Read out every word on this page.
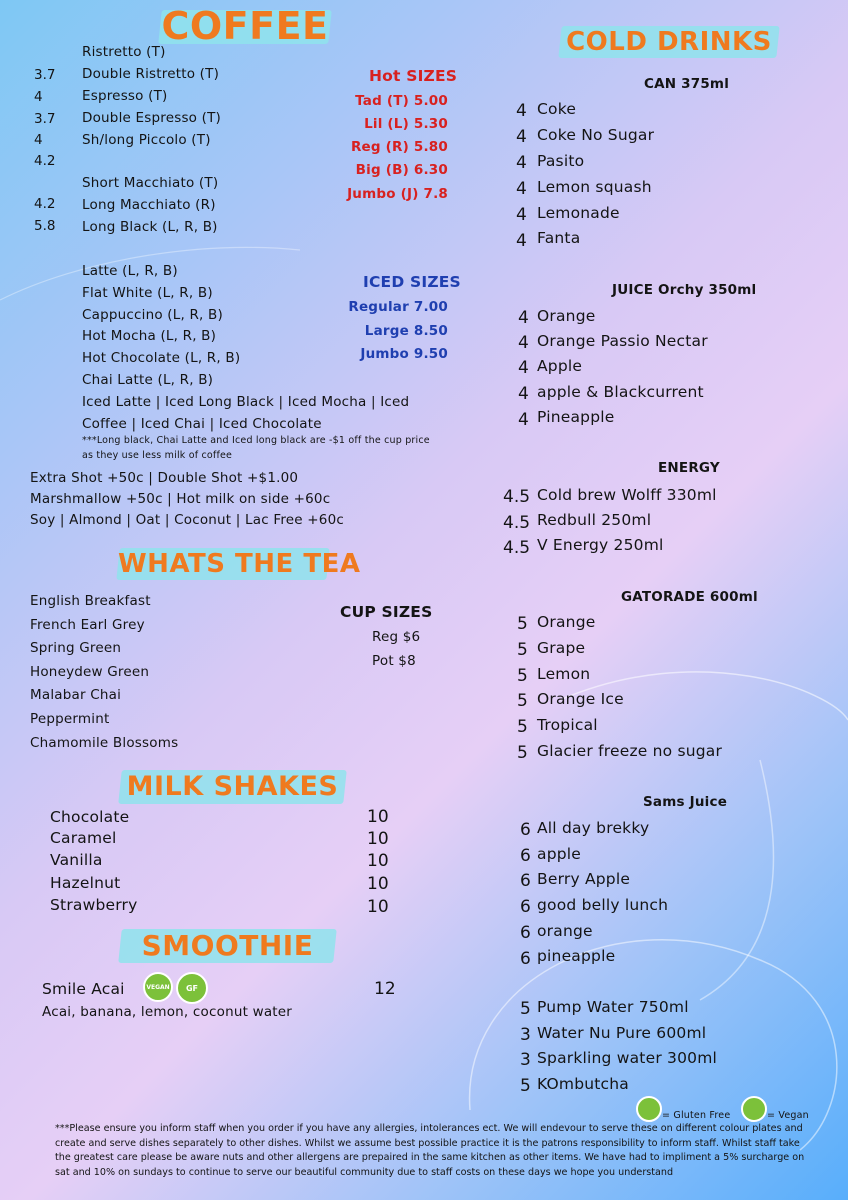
COFFEE
Ristretto (T)
3.7 Double Ristretto (T)
4	Espresso (T)
3.7 Double Espresso (T)
4	Sh/long Piccolo (T)
4.2
Short Macchiato (T)
4.2 Long Macchiato (R)
5.8 Long Black (L, R, B)
Latte (L, R, B)
Flat White (L, R, B)
Cappuccino (L, R, B)
Hot Mocha (L, R, B)
Hot Chocolate (L, R, B)
Chai Latte (L, R, B)
Iced Latte | Iced Long Black | Iced Mocha | Iced
Coffee | Iced Chai | Iced Chocolate
***Long black, Chai Latte and Iced long black are -$1 off the cup price
as they use less milk of coffee
Extra Shot +50c | Double Shot +$1.00
Marshmallow +50c | Hot milk on side +60c
Soy | Almond | Oat | Coconut | Lac Free +60c
Hot SIZES
Tad (T) 5.00
Lil (L) 5.30
Reg (R) 5.80
Big (B) 6.30
Jumbo (J) 7.8
ICED SIZES
Regular 7.00
Large 8.50
Jumbo 9.50
WHATS THE TEA
English Breakfast
French Earl Grey
Spring Green
Honeydew Green
Malabar Chai
Peppermint
Chamomile Blossoms
CUP SIZES
Reg $6
Pot $8
MILK SHAKES
Chocolate	10
Caramel	10
Vanilla	10
Hazelnut	10
Strawberry	10
SMOOTHIE
Smile Acai	VEGAN GF	12
Acai, banana, lemon, coconut water
COLD DRINKS
CAN 375ml
4 Coke
4 Coke No Sugar
4 Pasito
4 Lemon squash
4 Lemonade
4 Fanta
JUICE Orchy 350ml
4 Orange
4 Orange Passio Nectar
4 Apple
4 apple & Blackcurrent
4 Pineapple
ENERGY
4.5 Cold brew Wolff 330ml
4.5 Redbull 250ml
4.5 V Energy 250ml
GATORADE 600ml
5 Orange
5 Grape
5 Lemon
5 Orange Ice
5 Tropical
5 Glacier freeze no sugar
Sams Juice
6 All day brekky
6 apple
6 Berry Apple
6 good belly lunch
6 orange
6 pineapple
5 Pump Water 750ml
3 Water Nu Pure 600ml
3 Sparkling water 300ml
5 KOmbutcha
= Gluten Free	= Vegan
***Please ensure you inform staff when you order if you have any allergies, intolerances ect. We will endevour to serve these on different colour plates and create and serve dishes separately to other dishes. Whilst we assume best possible practice it is the patrons responsibility to inform staff. Whilst staff take the greatest care please be aware nuts and other allergens are prepaired in the same kitchen as other items. We have had to impliment a 5% surcharge on sat and 10% on sundays to continue to serve our beautiful community due to staff costs on these days we hope you understand
